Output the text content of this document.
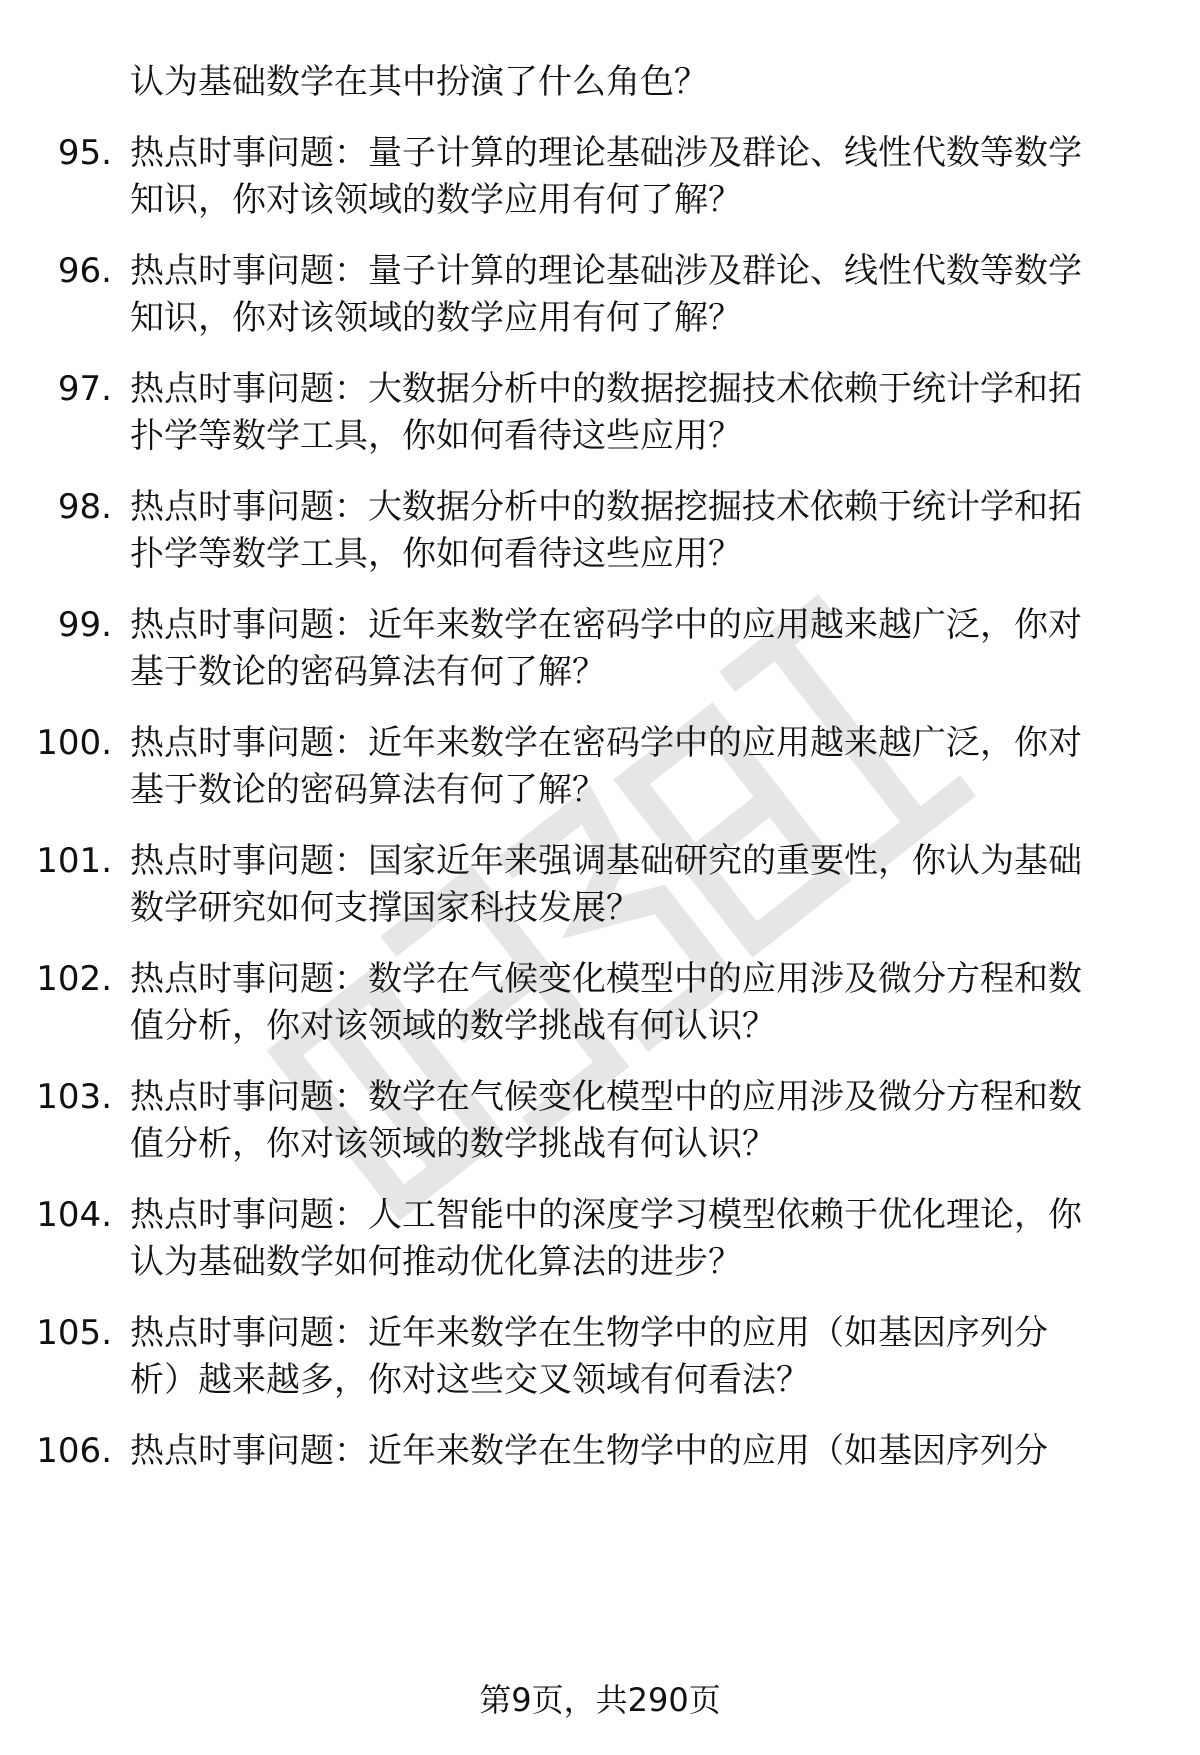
认为基础数学在其中扮演了什么角色？
95. 热点时事问题：量子计算的理论基础涉及群论、线性代数等数学
知识，你对该领域的数学应用有何了解？
96. 热点时事问题：量子计算的理论基础涉及群论、线性代数等数学
知识，你对该领域的数学应用有何了解？
97. 热点时事问题：大数据分析中的数据挖掘技术依赖于统计学和拓
扑学等数学工具，你如何看待这些应用？
98. 热点时事问题：大数据分析中的数据挖掘技术依赖于统计学和拓
扑学等数学工具，你如何看待这些应用？
99. 热点时事问题：近年来数学在密码学中的应用越来越广泛，你对
基于数论的密码算法有何了解？
100. 热点时事问题：近年来数学在密码学中的应用越来越广泛，你对
基于数论的密码算法有何了解？
101. 热点时事问题：国家近年来强调基础研究的重要性，你认为基础
数学研究如何支撑国家科技发展？
102. 热点时事问题：数学在气候变化模型中的应用涉及微分方程和数
值分析，你对该领域的数学挑战有何认识？
103. 热点时事问题：数学在气候变化模型中的应用涉及微分方程和数
值分析，你对该领域的数学挑战有何认识？
104. 热点时事问题：人工智能中的深度学习模型依赖于优化理论，你
认为基础数学如何推动优化算法的进步？
105. 热点时事问题：近年来数学在生物学中的应用（如基因序列分
析）越来越多，你对这些交叉领域有何看法？
106. 热点时事问题：近年来数学在生物学中的应用（如基因序列分
第9页，共290页
